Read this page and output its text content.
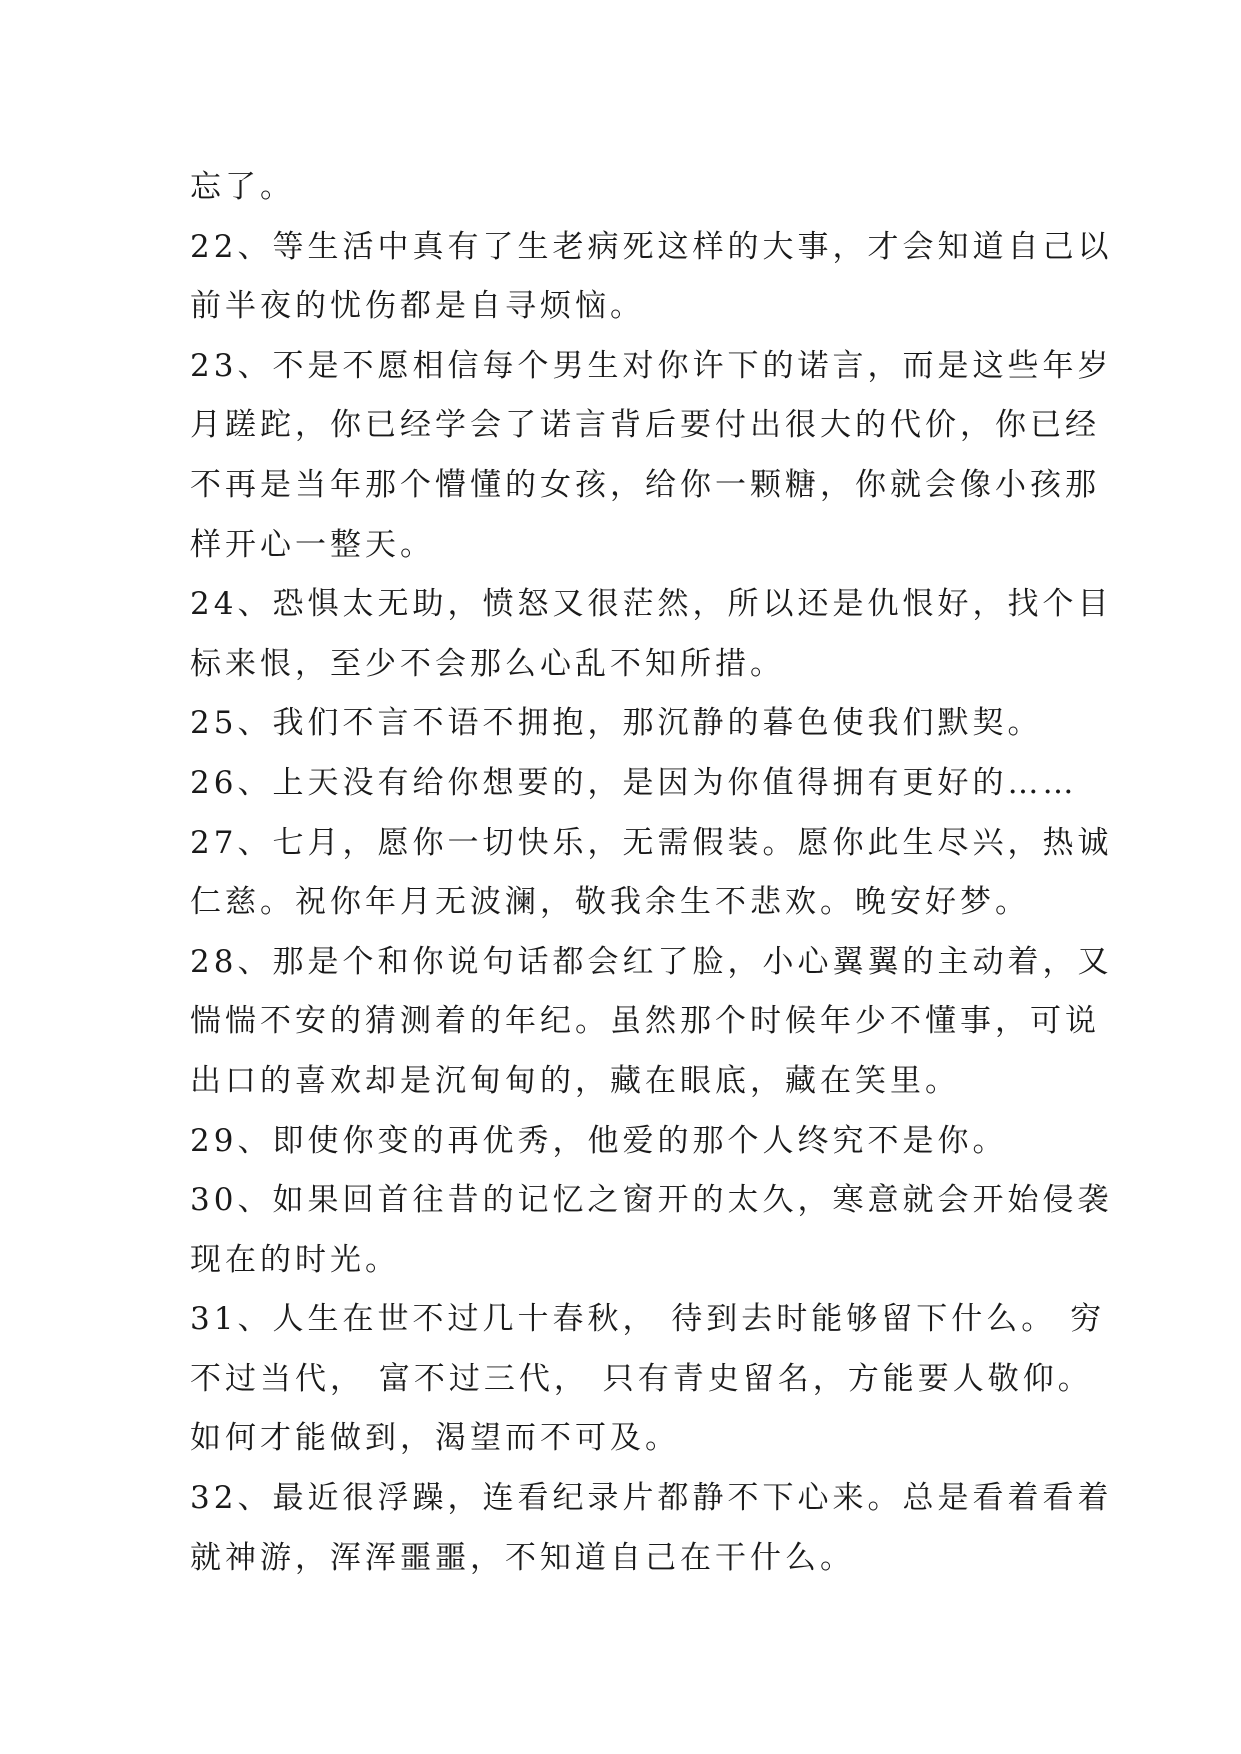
忘了。
22、等生活中真有了生老病死这样的大事，才会知道自己以
前半夜的忧伤都是自寻烦恼。
23、不是不愿相信每个男生对你许下的诺言，而是这些年岁
月蹉跎，你已经学会了诺言背后要付出很大的代价，你已经
不再是当年那个懵懂的女孩，给你一颗糖，你就会像小孩那
样开心一整天。
24、恐惧太无助，愤怒又很茫然，所以还是仇恨好，找个目
标来恨，至少不会那么心乱不知所措。
25、我们不言不语不拥抱，那沉静的暮色使我们默契。
26、上天没有给你想要的，是因为你值得拥有更好的……
27、七月，愿你一切快乐，无需假装。愿你此生尽兴，热诚
仁慈。祝你年月无波澜，敬我余生不悲欢。晚安好梦。
28、那是个和你说句话都会红了脸，小心翼翼的主动着，又
惴惴不安的猜测着的年纪。虽然那个时候年少不懂事，可说
出口的喜欢却是沉甸甸的，藏在眼底，藏在笑里。
29、即使你变的再优秀，他爱的那个人终究不是你。
30、如果回首往昔的记忆之窗开的太久，寒意就会开始侵袭
现在的时光。
31、人生在世不过几十春秋， 待到去时能够留下什么。 穷
不过当代， 富不过三代， 只有青史留名，方能要人敬仰。
如何才能做到，渴望而不可及。
32、最近很浮躁，连看纪录片都静不下心来。总是看着看着
就神游，浑浑噩噩，不知道自己在干什么。
